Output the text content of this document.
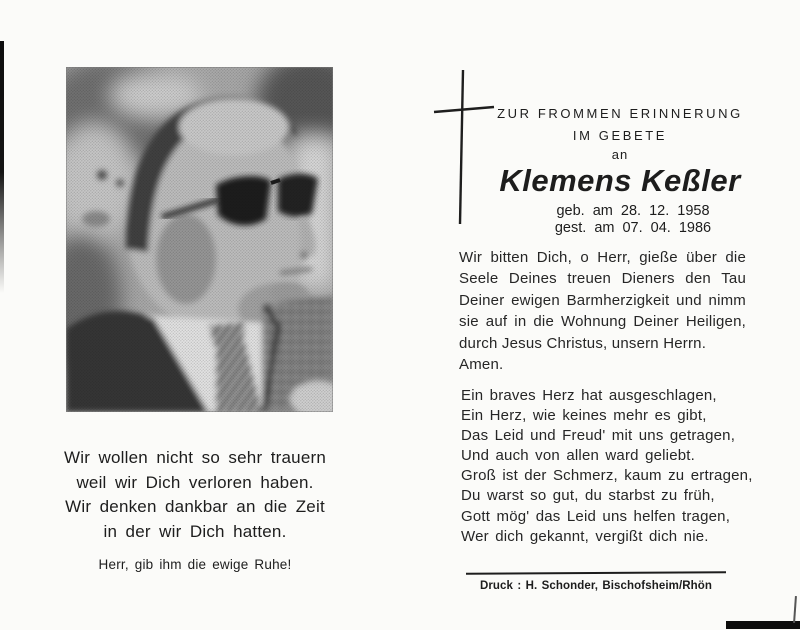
Wir wollen nicht so sehr trauern
weil wir Dich verloren haben.
Wir denken dankbar an die Zeit
in der wir Dich hatten.
Herr, gib ihm die ewige Ruhe!
ZUR FROMMEN ERINNERUNG
IM GEBETE
an
Klemens Keßler
geb. am 28. 12. 1958
gest. am 07. 04. 1986
Wir bitten Dich, o Herr, gieße über die
Seele Deines treuen Dieners den Tau
Deiner ewigen Barmherzigkeit und nimm
sie auf in die Wohnung Deiner Heiligen,
durch Jesus Christus, unsern Herrn.
Amen.
Ein braves Herz hat ausgeschlagen,
Ein Herz, wie keines mehr es gibt,
Das Leid und Freud' mit uns getragen,
Und auch von allen ward geliebt.
Groß ist der Schmerz, kaum zu ertragen,
Du warst so gut, du starbst zu früh,
Gott mög' das Leid uns helfen tragen,
Wer dich gekannt, vergißt dich nie.
Druck : H. Schonder, Bischofsheim/Rhön
